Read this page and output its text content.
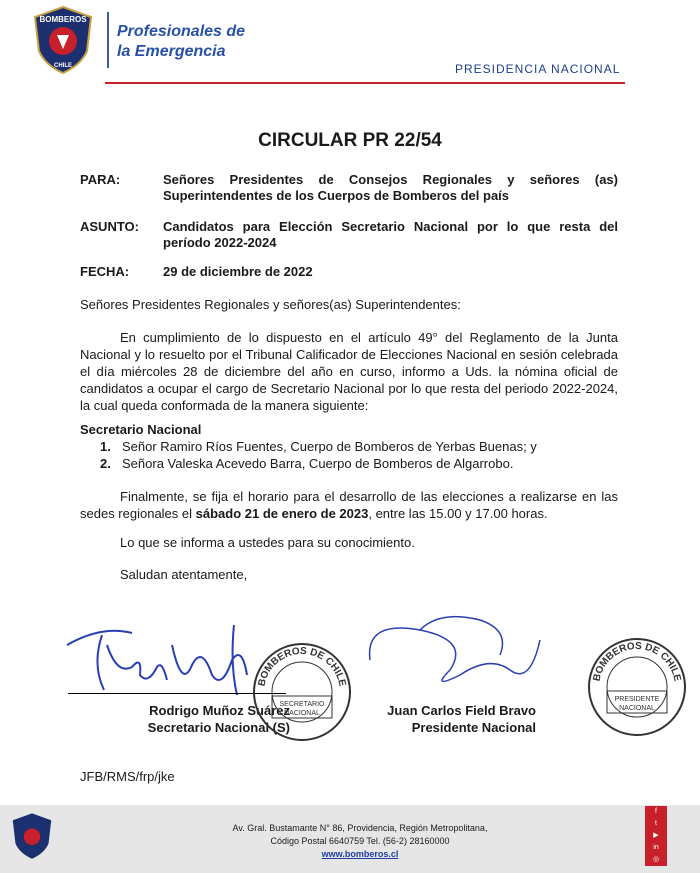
BOMBEROS
CHILE
Profesionales de
la Emergencia
PRESIDENCIA NACIONAL
CIRCULAR PR 22/54
PARA:	Señores Presidentes de Consejos Regionales y señores (as) Superintendentes de los Cuerpos de Bomberos del país
ASUNTO: Candidatos para Elección Secretario Nacional por lo que resta del período 2022-2024
FECHA:	29 de diciembre de 2022
Señores Presidentes Regionales y señores(as) Superintendentes:
En cumplimiento de lo dispuesto en el artículo 49° del Reglamento de la Junta Nacional y lo resuelto por el Tribunal Calificador de Elecciones Nacional en sesión celebrada el día miércoles 28 de diciembre del año en curso, informo a Uds. la nómina oficial de candidatos a ocupar el cargo de Secretario Nacional por lo que resta del periodo 2022-2024, la cual queda conformada de la manera siguiente:
Secretario Nacional
1. Señor Ramiro Ríos Fuentes, Cuerpo de Bomberos de Yerbas Buenas; y
2. Señora Valeska Acevedo Barra, Cuerpo de Bomberos de Algarrobo.
Finalmente, se fija el horario para el desarrollo de las elecciones a realizarse en las sedes regionales el sábado 21 de enero de 2023, entre las 15.00 y 17.00 horas.
Lo que se informa a ustedes para su conocimiento.
Saludan atentamente,
Rodrigo Muñoz Suárez
Secretario Nacional (S)
BOMBEROS DE CHILE
SECRETARIO
NACIONAL	Juan Carlos Field Bravo
Presidente Nacional
BOMBEROS DE CHILE
PRESIDENTE
NACIONAL
JFB/RMS/frp/jke
Av. Gral. Bustamante N° 86, Providencia, Región Metropolitana,
Código Postal 6640759 Tel. (56-2) 28160000
www.bomberos.cl
f
t
▶
in
◎
